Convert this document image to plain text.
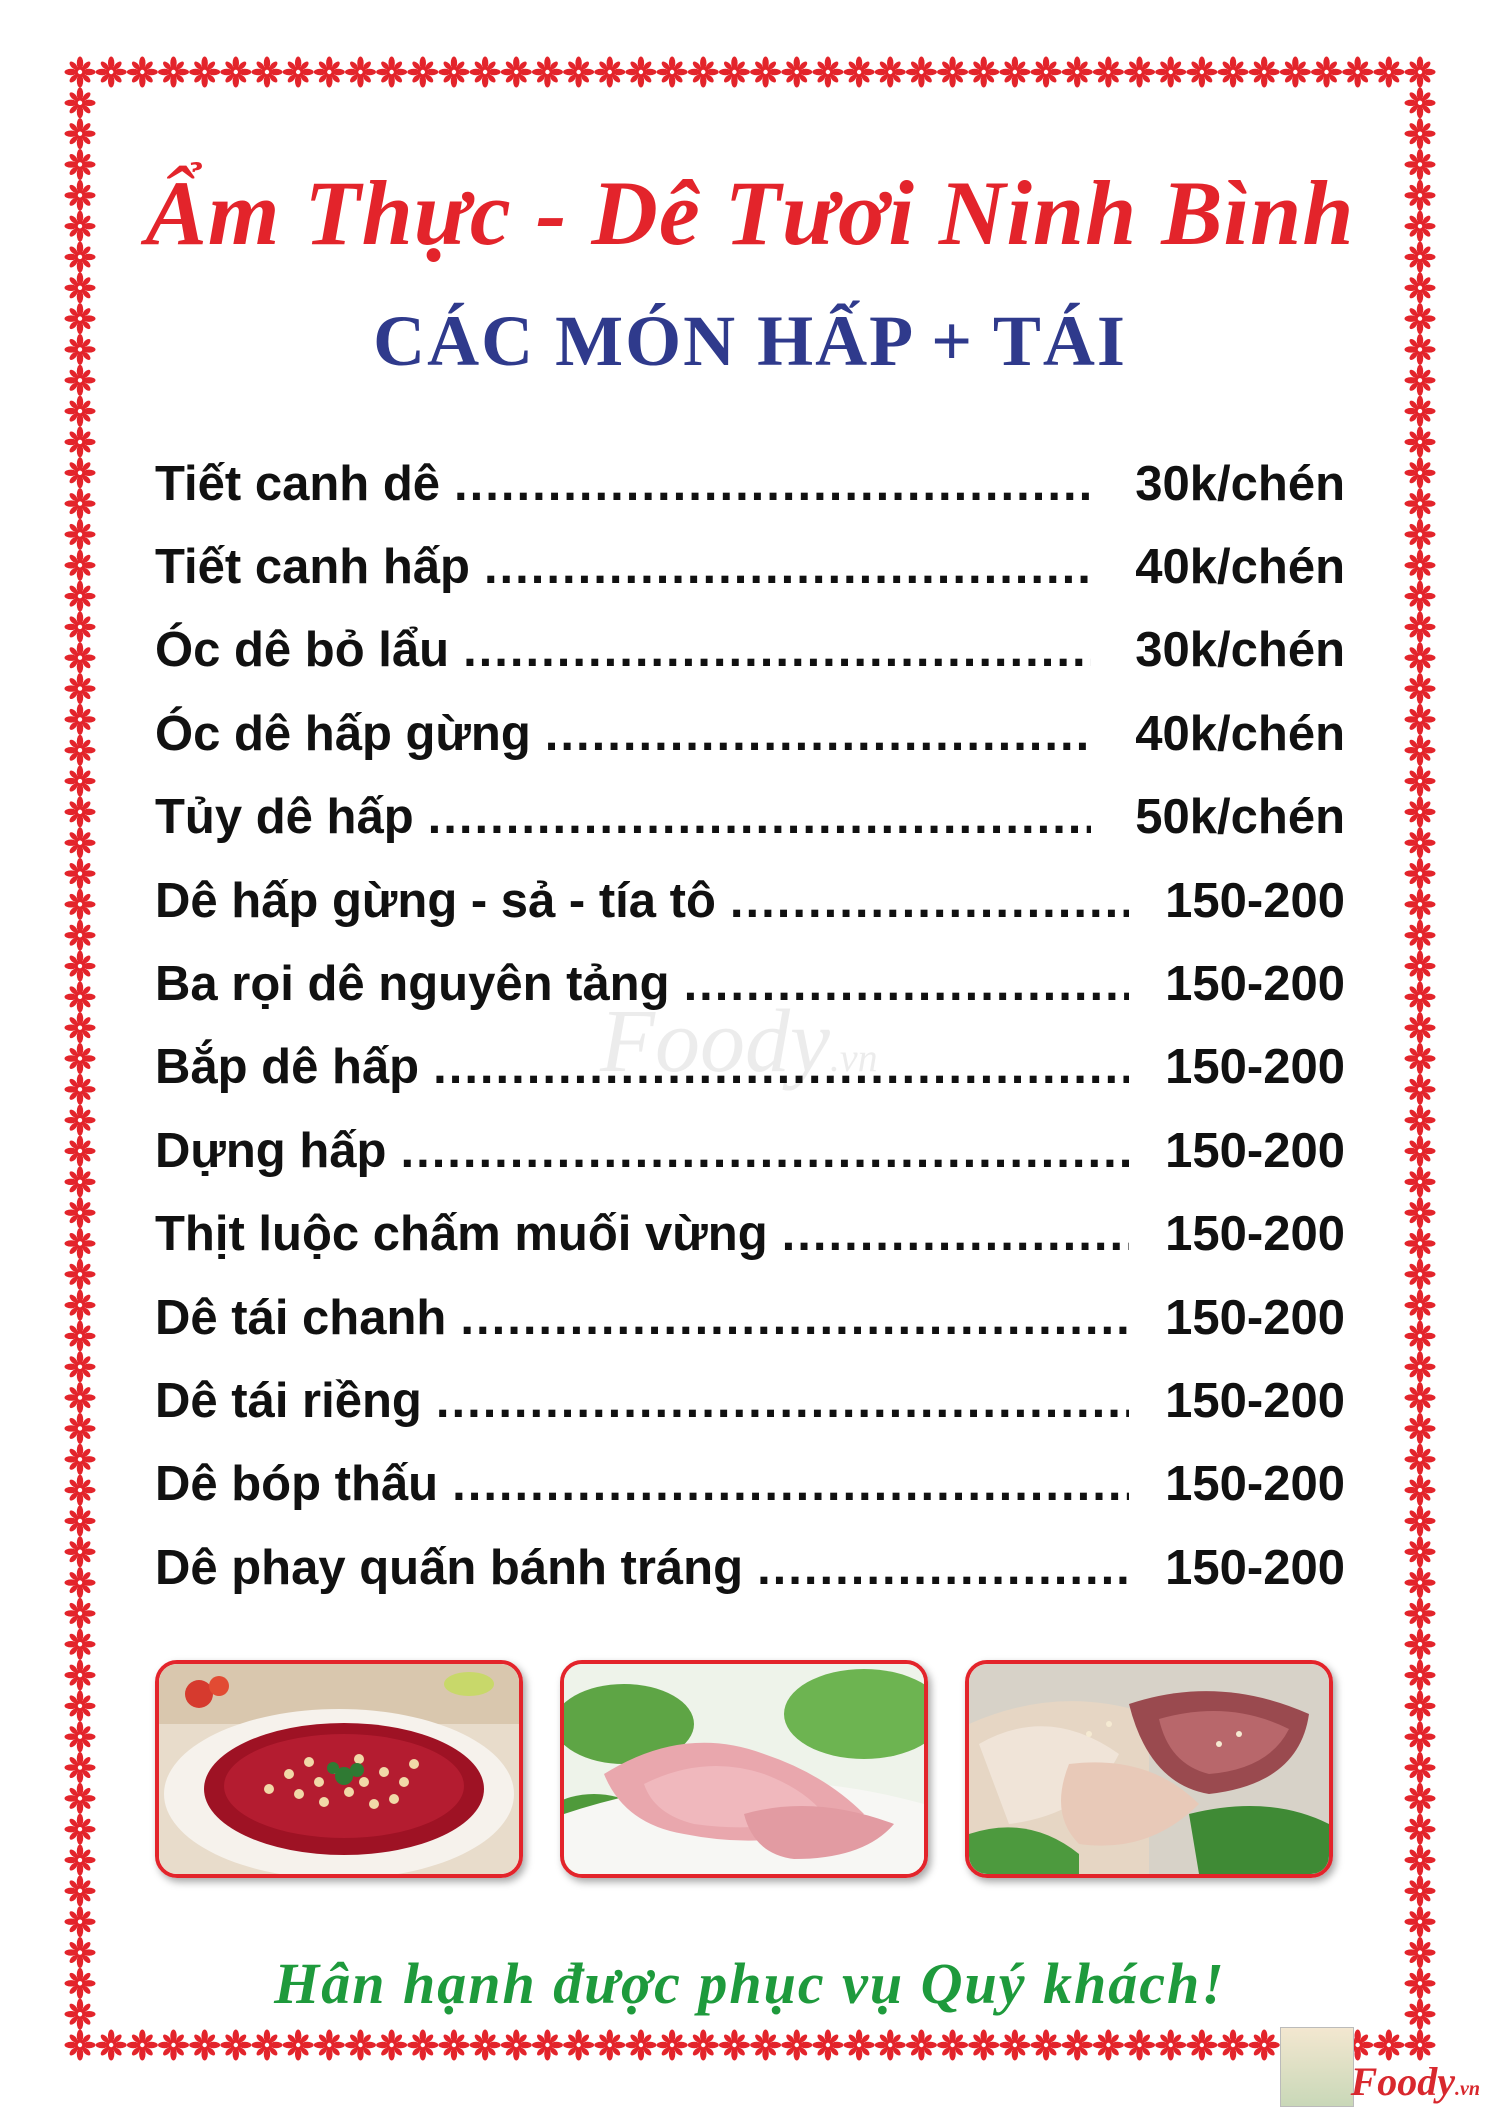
Ẩm Thực - Dê Tươi Ninh Bình
CÁC MÓN HẤP + TÁI
Foody.vn
Tiết canh dê .....	30k/chén
Tiết canh hấp .....	40k/chén
Óc dê bỏ lẩu .....	30k/chén
Óc dê hấp gừng .....	40k/chén
Tủy dê hấp .....	50k/chén
Dê hấp gừng - sả - tía tô .....	150-200
Ba rọi dê nguyên tảng .....	150-200
Bắp dê hấp .....	150-200
Dựng hấp .....	150-200
Thịt luộc chấm muối vừng .....	150-200
Dê tái chanh .....	150-200
Dê tái riềng .....	150-200
Dê bóp thấu .....	150-200
Dê phay quấn bánh tráng .....	150-200
Hân hạnh được phục vụ Quý khách!
Foody.vn
